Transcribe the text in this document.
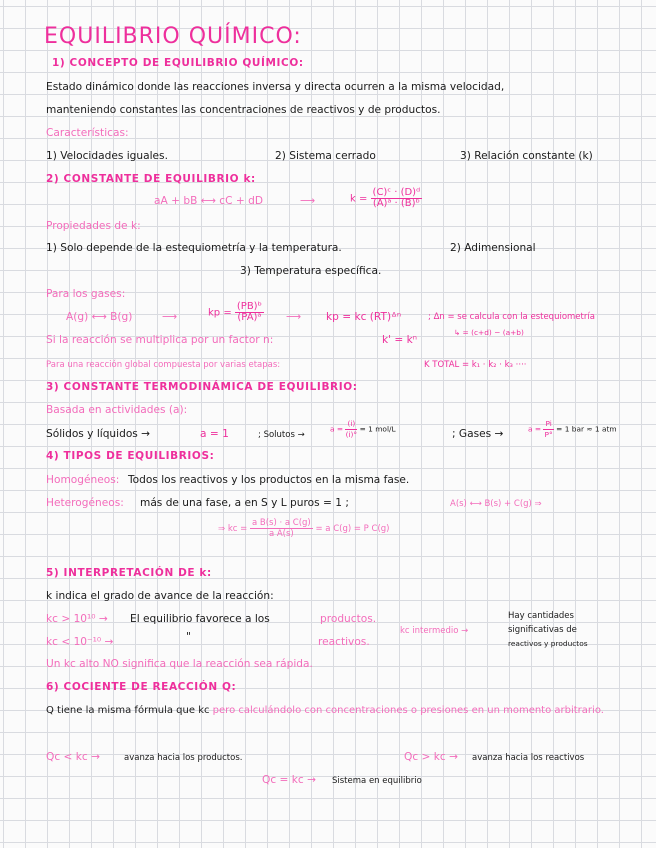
EQUILIBRIO QUÍMICO:
1) CONCEPTO DE EQUILIBRIO QUÍMICO:
Estado dinámico donde las reacciones inversa y directa ocurren a la misma velocidad,
manteniendo constantes las concentraciones de reactivos y de productos.
Características:
1) Velocidades iguales.	2) Sistema cerrado	3) Relación constante (k)
2) CONSTANTE DE EQUILIBRIO k:
aA + bB ⟷ cC + dD	⟶	$k = \frac{\text{(C)ᶜ · (D)ᵈ}}{\text{(A)ᵃ · (B)ᵇ}}$
Propiedades de k:
1) Solo depende de la estequiometría y la temperatura.	2) Adimensional
3) Temperatura específica.
Para los gases:
A(g) ⟷ B(g)	⟶	kp = $\frac{\text{(PB)ᵇ}}{\text{(PA)ᵃ}}$ ⟶ kp = kc (RT)ᐞⁿ	; Δn = se calcula con la estequiometría
↳ = (c+d) − (a+b)
Si la reacción se multiplica por un factor n:	k' = kⁿ
Para una reacción global compuesta por varias etapas:	K TOTAL = k₁ · k₂ · k₃ ····
3) CONSTANTE TERMODINÁMICA DE EQUILIBRIO:
Basada en actividades (a):
Sólidos y líquidos →	a = 1	; Solutos →
$a = \frac{(i)}{(i)^\circ} = 1$ mol/L	; Gases →	$a = \frac{Pi}{P^\circ} = 1$ bar ≈ 1 atm
4) TIPOS DE EQUILIBRIOS:
Homogéneos: Todos los reactivos y los productos en la misma fase.
Heterogéneos: más de una fase, a en S y L puros = 1 ;	A(s) ⟷ B(s) + C(g) ⇒
⇒ kc = $\frac{\text{a B(s) · a C(g)}}{\text{a A(s)}} = a$ C(g) = P C(g)
5) INTERPRETACIÓN DE k:
k indica el grado de avance de la reacción:
kc > 10¹⁰ → El equilibrio favorece a los	productos.
kc < 10⁻¹⁰ →	"	reactivos.
kc intermedio →
Hay cantidades
significativas de
reactivos y productos
Un kc alto NO significa que la reacción sea rápida.
6) COCIENTE DE REACCIÓN Q:
Q tiene la misma fórmula que kc pero calculándolo con concentraciones o presiones en un momento arbitrario.
Qc < kc →	avanza hacia los productos.	Qc > kc → avanza hacia los reactivos
Qc = kc → Sistema en equilibrio
